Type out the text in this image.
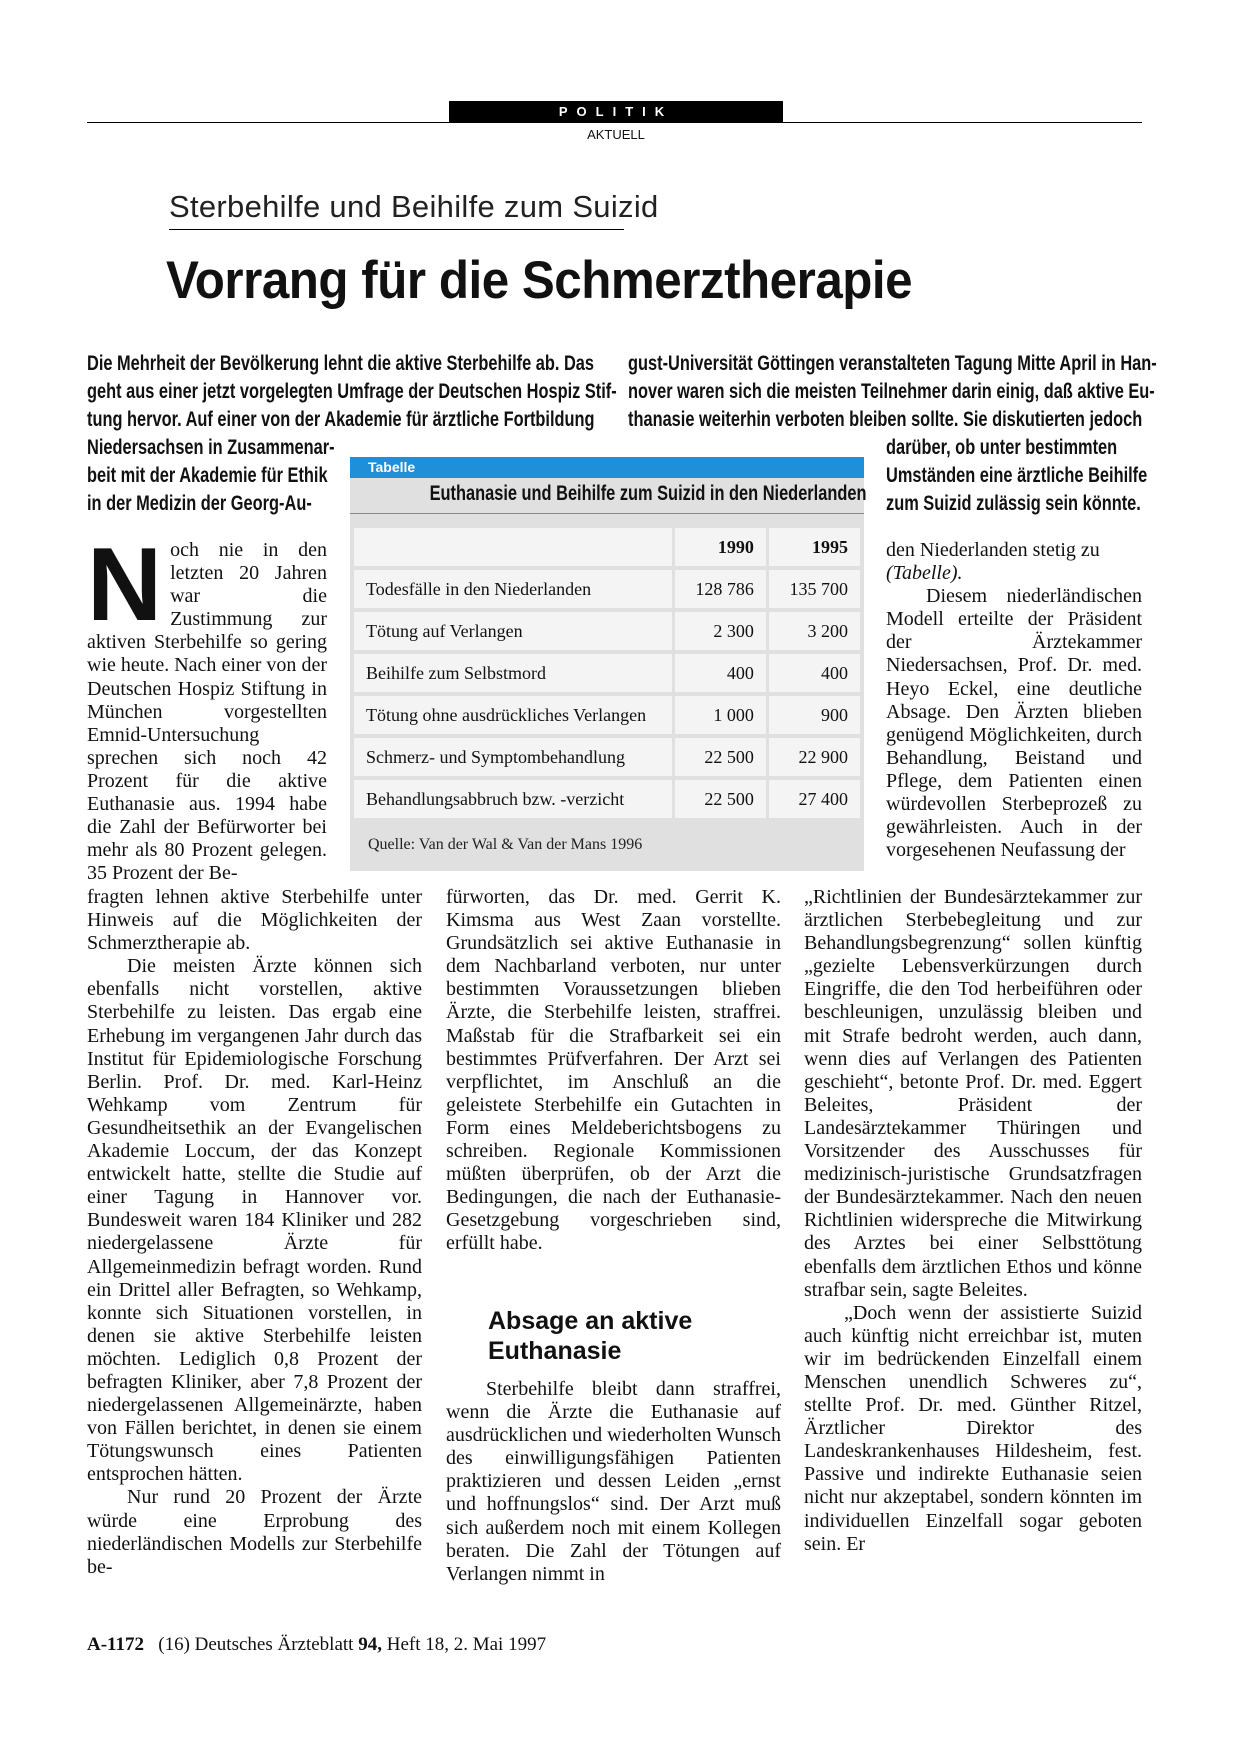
POLITIK
AKTUELL
Sterbehilfe und Beihilfe zum Suizid
Vorrang für die Schmerztherapie
Die Mehrheit der Bevölkerung lehnt die aktive Sterbehilfe ab. Das
geht aus einer jetzt vorgelegten Umfrage der Deutschen Hospiz Stif-
tung hervor. Auf einer von der Akademie für ärztliche Fortbildung
Niedersachsen in Zusammenar-
beit mit der Akademie für Ethik
in der Medizin der Georg-Au-
gust-Universität Göttingen veranstalteten Tagung Mitte April in Han-
nover waren sich die meisten Teilnehmer darin einig, daß aktive Eu-
thanasie weiterhin verboten bleiben sollte. Sie diskutierten jedoch
darüber, ob unter bestimmten
Umständen eine ärztliche Beihilfe
zum Suizid zulässig sein könnte.
Tabelle
Euthanasie und Beihilfe zum Suizid in den Niederlanden
		1990		1995
Todesfälle in den Niederlanden		128 786		135 700
Tötung auf Verlangen		2 300		3 200
Beihilfe zum Selbstmord		400		400
Tötung ohne ausdrückliches Verlangen		1 000		900
Schmerz- und Symptombehandlung		22 500		22 900
Behandlungsabbruch bzw. -verzicht		22 500		27 400
Quelle: Van der Wal & Van der Mans 1996

Noch nie in den letzten 20 Jahren war die Zustimmung zur aktiven Sterbehilfe so gering wie heute. Nach einer von der Deutschen Hospiz Stiftung in München vorgestellten Emnid-Untersuchung sprechen sich noch 42 Prozent für die aktive Euthanasie aus. 1994 habe die Zahl der Befürworter bei mehr als 80 Prozent gelegen. 35 Prozent der Be-

fragten lehnen aktive Sterbehilfe unter Hinweis auf die Möglichkeiten der Schmerztherapie ab.

Die meisten Ärzte können sich ebenfalls nicht vorstellen, aktive Sterbehilfe zu leisten. Das ergab eine Erhebung im vergangenen Jahr durch das Institut für Epidemiologische Forschung Berlin. Prof. Dr. med. Karl-Heinz Wehkamp vom Zentrum für Gesundheitsethik an der Evangelischen Akademie Loccum, der das Konzept entwickelt hatte, stellte die Studie auf einer Tagung in Hannover vor. Bundesweit waren 184 Kliniker und 282 niedergelassene Ärzte für Allgemeinmedizin befragt worden. Rund ein Drittel aller Befragten, so Wehkamp, konnte sich Situationen vorstellen, in denen sie aktive Sterbehilfe leisten möchten. Lediglich 0,8 Prozent der befragten Kliniker, aber 7,8 Prozent der niedergelassenen Allgemeinärzte, haben von Fällen berichtet, in denen sie einem Tötungswunsch eines Patienten entsprochen hätten.

Nur rund 20 Prozent der Ärzte würde eine Erprobung des niederländischen Modells zur Sterbehilfe be-

fürworten, das Dr. med. Gerrit K. Kimsma aus West Zaan vorstellte. Grundsätzlich sei aktive Euthanasie in dem Nachbarland verboten, nur unter bestimmten Voraussetzungen blieben Ärzte, die Sterbehilfe leisten, straffrei. Maßstab für die Strafbarkeit sei ein bestimmtes Prüfverfahren. Der Arzt sei verpflichtet, im Anschluß an die geleistete Sterbehilfe ein Gutachten in Form eines Meldeberichtsbogens zu schreiben. Regionale Kommissionen müßten überprüfen, ob der Arzt die Bedingungen, die nach der Euthanasie-Gesetzgebung vorgeschrieben sind, erfüllt habe.

Absage an aktive
Euthanasie

Sterbehilfe bleibt dann straffrei, wenn die Ärzte die Euthanasie auf ausdrücklichen und wiederholten Wunsch des einwilligungsfähigen Patienten praktizieren und dessen Leiden „ernst und hoffnungslos“ sind. Der Arzt muß sich außerdem noch mit einem Kollegen beraten. Die Zahl der Tötungen auf Verlangen nimmt in

den Niederlanden stetig zu
(Tabelle).

Diesem niederländischen Modell erteilte der Präsident der Ärztekammer Niedersachsen, Prof. Dr. med. Heyo Eckel, eine deutliche Absage. Den Ärzten blieben genügend Möglichkeiten, durch Behandlung, Beistand und Pflege, dem Patienten einen würdevollen Sterbeprozeß zu gewährleisten. Auch in der vorgesehenen Neufassung der

„Richtlinien der Bundesärztekammer zur ärztlichen Sterbebegleitung und zur Behandlungsbegrenzung“ sollen künftig „gezielte Lebensverkürzungen durch Eingriffe, die den Tod herbeiführen oder beschleunigen, unzulässig bleiben und mit Strafe bedroht werden, auch dann, wenn dies auf Verlangen des Patienten geschieht“, betonte Prof. Dr. med. Eggert Beleites, Präsident der Landesärztekammer Thüringen und Vorsitzender des Ausschusses für medizinisch-juristische Grundsatzfragen der Bundesärztekammer. Nach den neuen Richtlinien widerspreche die Mitwirkung des Arztes bei einer Selbsttötung ebenfalls dem ärztlichen Ethos und könne strafbar sein, sagte Beleites.

„Doch wenn der assistierte Suizid auch künftig nicht erreichbar ist, muten wir im bedrückenden Einzelfall einem Menschen unendlich Schweres zu“, stellte Prof. Dr. med. Günther Ritzel, Ärztlicher Direktor des Landeskrankenhauses Hildesheim, fest. Passive und indirekte Euthanasie seien nicht nur akzeptabel, sondern könnten im individuellen Einzelfall sogar geboten sein. Er

A-1172 (16) Deutsches Ärzteblatt 94, Heft 18, 2. Mai 1997
